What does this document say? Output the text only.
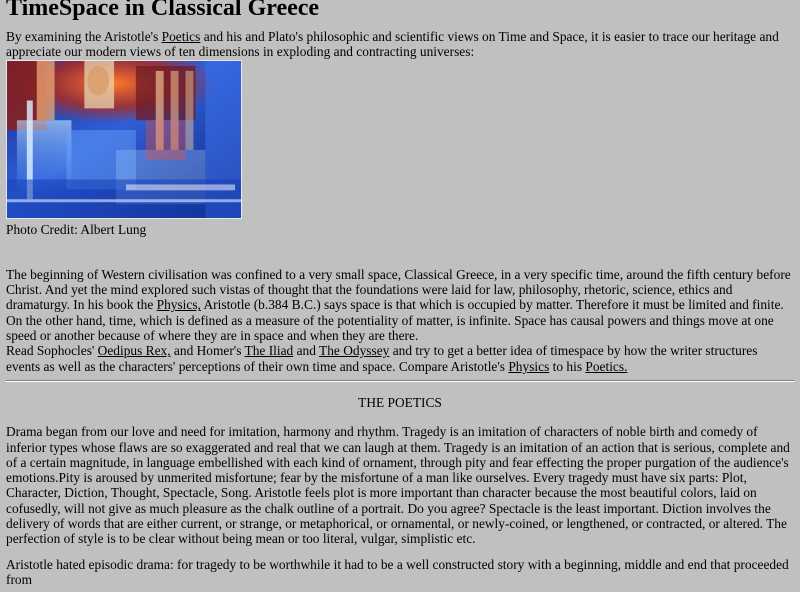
TimeSpace in Classical Greece

By examining the Aristotle's Poetics and his and Plato's philosophic and scientific views on Time and Space, it is easier to trace our heritage and appreciate our modern views of ten dimensions in exploding and contracting universes:

Photo Credit: Albert Lung

The beginning of Western civilisation was confined to a very small space, Classical Greece, in a very specific time, around the fifth century before Christ. And yet the mind explored such vistas of thought that the foundations were laid for law, philosophy, rhetoric, science, ethics and dramaturgy. In his book the Physics, Aristotle (b.384 B.C.) says space is that which is occupied by matter. Therefore it must be limited and finite. On the other hand, time, which is defined as a measure of the potentiality of matter, is infinite. Space has causal powers and things move at one speed or another because of where they are in space and when they are there.

Read Sophocles' Oedipus Rex, and Homer's The Iliad and The Odyssey and try to get a better idea of timespace by how the writer structures events as well as the characters' perceptions of their own time and space. Compare Aristotle's Physics to his Poetics.

THE POETICS

Drama began from our love and need for imitation, harmony and rhythm. Tragedy is an imitation of characters of noble birth and comedy of inferior types whose flaws are so exaggerated and real that we can laugh at them. Tragedy is an imitation of an action that is serious, complete and of a certain magnitude, in language embellished with each kind of ornament, through pity and fear effecting the proper purgation of the audience's emotions.Pity is aroused by unmerited misfortune; fear by the misfortune of a man like ourselves. Every tragedy must have six parts: Plot, Character, Diction, Thought, Spectacle, Song. Aristotle feels plot is more important than character because the most beautiful colors, laid on cofusedly, will not give as much pleasure as the chalk outline of a portrait. Do you agree? Spectacle is the least important. Diction involves the delivery of words that are either current, or strange, or metaphorical, or ornamental, or newly-coined, or lengthened, or contracted, or altered. The perfection of style is to be clear without being mean or too literal, vulgar, simplistic etc.

Aristotle hated episodic drama: for tragedy to be worthwhile it had to be a well constructed story with a beginning, middle and end that proceeded from
